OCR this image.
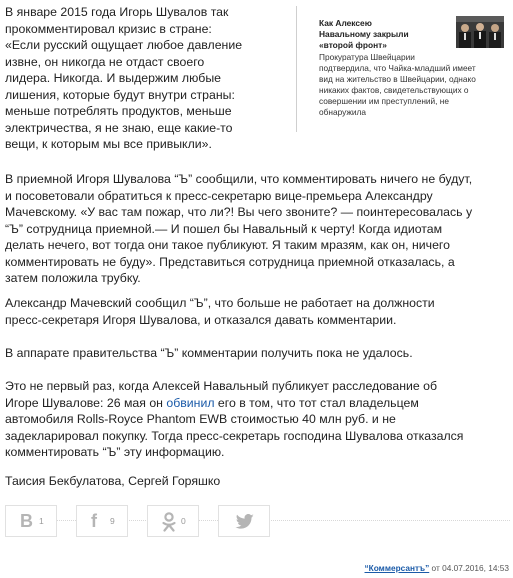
В январе 2015 года Игорь Шувалов так
прокомментировал кризис в стране:
«Если русский ощущает любое давление
извне, он никогда не отдаст своего
лидера. Никогда. И выдержим любые
лишения, которые будут внутри страны:
меньше потреблять продуктов, меньше
электричества, я не знаю, еще какие-то
вещи, к которым мы все привыкли».

Как Алексею
Навальному закрыли
«второй фронт»
Прокуратура Швейцарии
подтвердила, что Чайка-младший имеет
вид на жительство в Швейцарии, однако
никаких фактов, свидетельствующих о
совершении им преступлений, не
обнаружила

В приемной Игоря Шувалова “Ъ” сообщили, что комментировать ничего не будут,
и посоветовали обратиться к пресс-секретарю вице-премьера Александру
Мачевскому. «У вас там пожар, что ли?! Вы чего звоните? — поинтересовалась у
“Ъ” сотрудница приемной.— И пошел бы Навальный к черту! Когда идиотам
делать нечего, вот тогда они такое публикуют. Я таким мразям, как он, ничего
комментировать не буду». Представиться сотрудница приемной отказалась, а
затем положила трубку.

Александр Мачевский сообщил “Ъ”, что больше не работает на должности
пресс-секретаря Игоря Шувалова, и отказался давать комментарии.

В аппарате правительства “Ъ” комментарии получить пока не удалось.

Это не первый раз, когда Алексей Навальный публикует расследование об
Игоре Шувалове: 26 мая он обвинил его в том, что тот стал владельцем
автомобиля Rolls-Royce Phantom EWB стоимостью 40 млн руб. и не
задекларировал покупку. Тогда пресс-секретарь господина Шувалова отказался
комментировать “Ъ” эту информацию.

Таисия Бекбулатова, Сергей Горяшко

В 1	f 9	0
“Коммерсантъ” от 04.07.2016, 14:53
